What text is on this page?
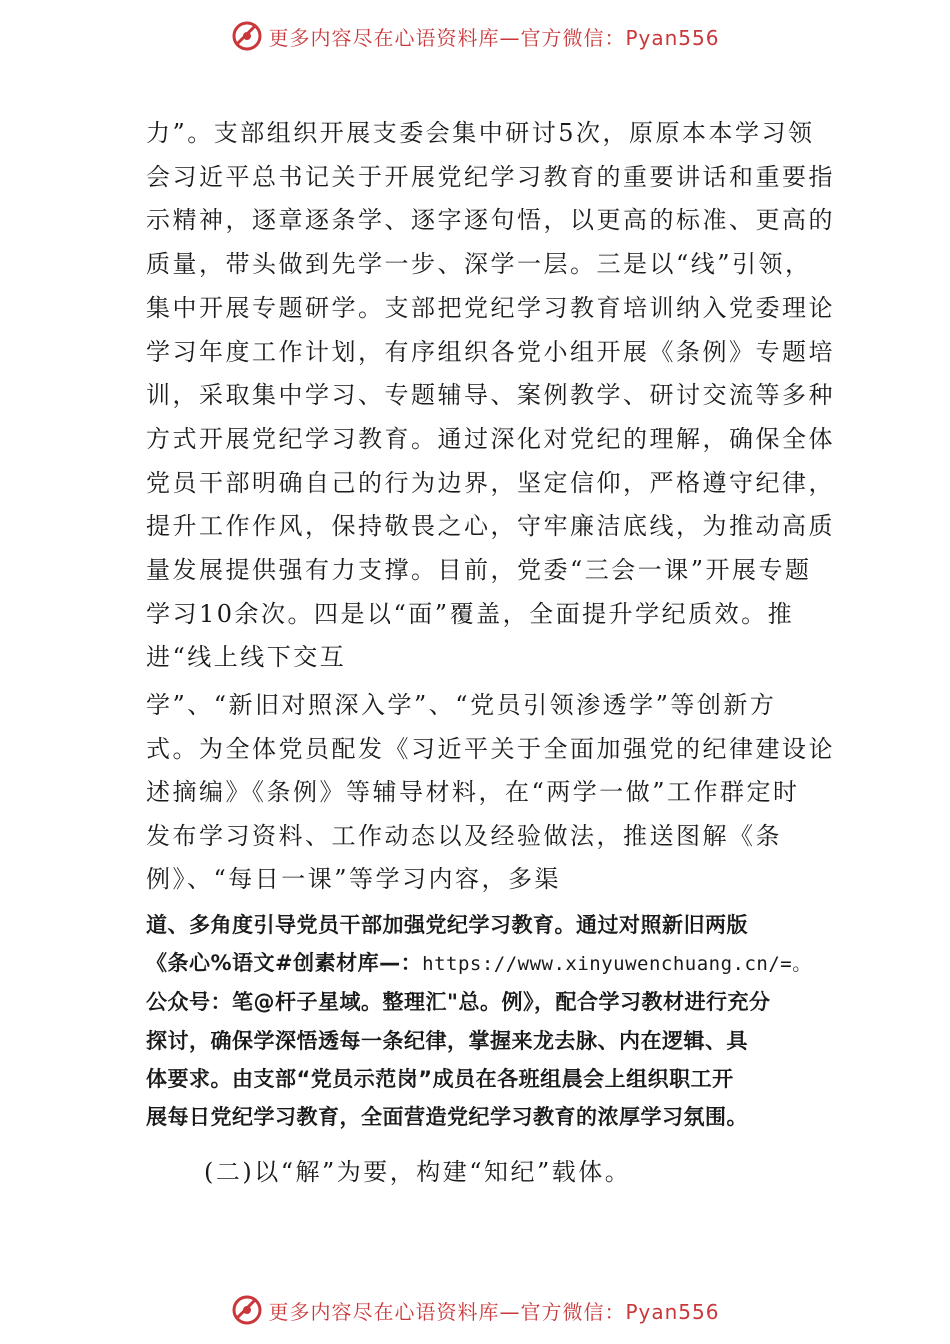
更多内容尽在心语资料库—官方微信：Pyan556

力”。支部组织开展支委会集中研讨5次，原原本本学习领

会习近平总书记关于开展党纪学习教育的重要讲话和重要指

示精神，逐章逐条学、逐字逐句悟，以更高的标准、更高的

质量，带头做到先学一步、深学一层。三是以“线”引领，

集中开展专题研学。支部把党纪学习教育培训纳入党委理论

学习年度工作计划，有序组织各党小组开展《条例》专题培

训，采取集中学习、专题辅导、案例教学、研讨交流等多种

方式开展党纪学习教育。通过深化对党纪的理解，确保全体

党员干部明确自己的行为边界，坚定信仰，严格遵守纪律，

提升工作作风，保持敬畏之心，守牢廉洁底线，为推动高质

量发展提供强有力支撑。目前，党委“三会一课”开展专题

学习10余次。四是以“面”覆盖，全面提升学纪质效。推

进“线上线下交互

学”、“新旧对照深入学”、“党员引领渗透学”等创新方

式。为全体党员配发《习近平关于全面加强党的纪律建设论

述摘编》《条例》等辅导材料，在“两学一做”工作群定时

发布学习资料、工作动态以及经验做法，推送图解《条

例》、“每日一课”等学习内容，多渠

道、多角度引导党员干部加强党纪学习教育。通过对照新旧两版

《条心%语文#创素材库—：https://www.xinyuwenchuang.cn/=。

公众号：笔@杆子星域。整理汇"总。例》，配合学习教材进行充分

探讨，确保学深悟透每一条纪律，掌握来龙去脉、内在逻辑、具

体要求。由支部“党员示范岗”成员在各班组晨会上组织职工开

展每日党纪学习教育，全面营造党纪学习教育的浓厚学习氛围。

(二)以“解”为要，构建“知纪”载体。
更多内容尽在心语资料库—官方微信：Pyan556
